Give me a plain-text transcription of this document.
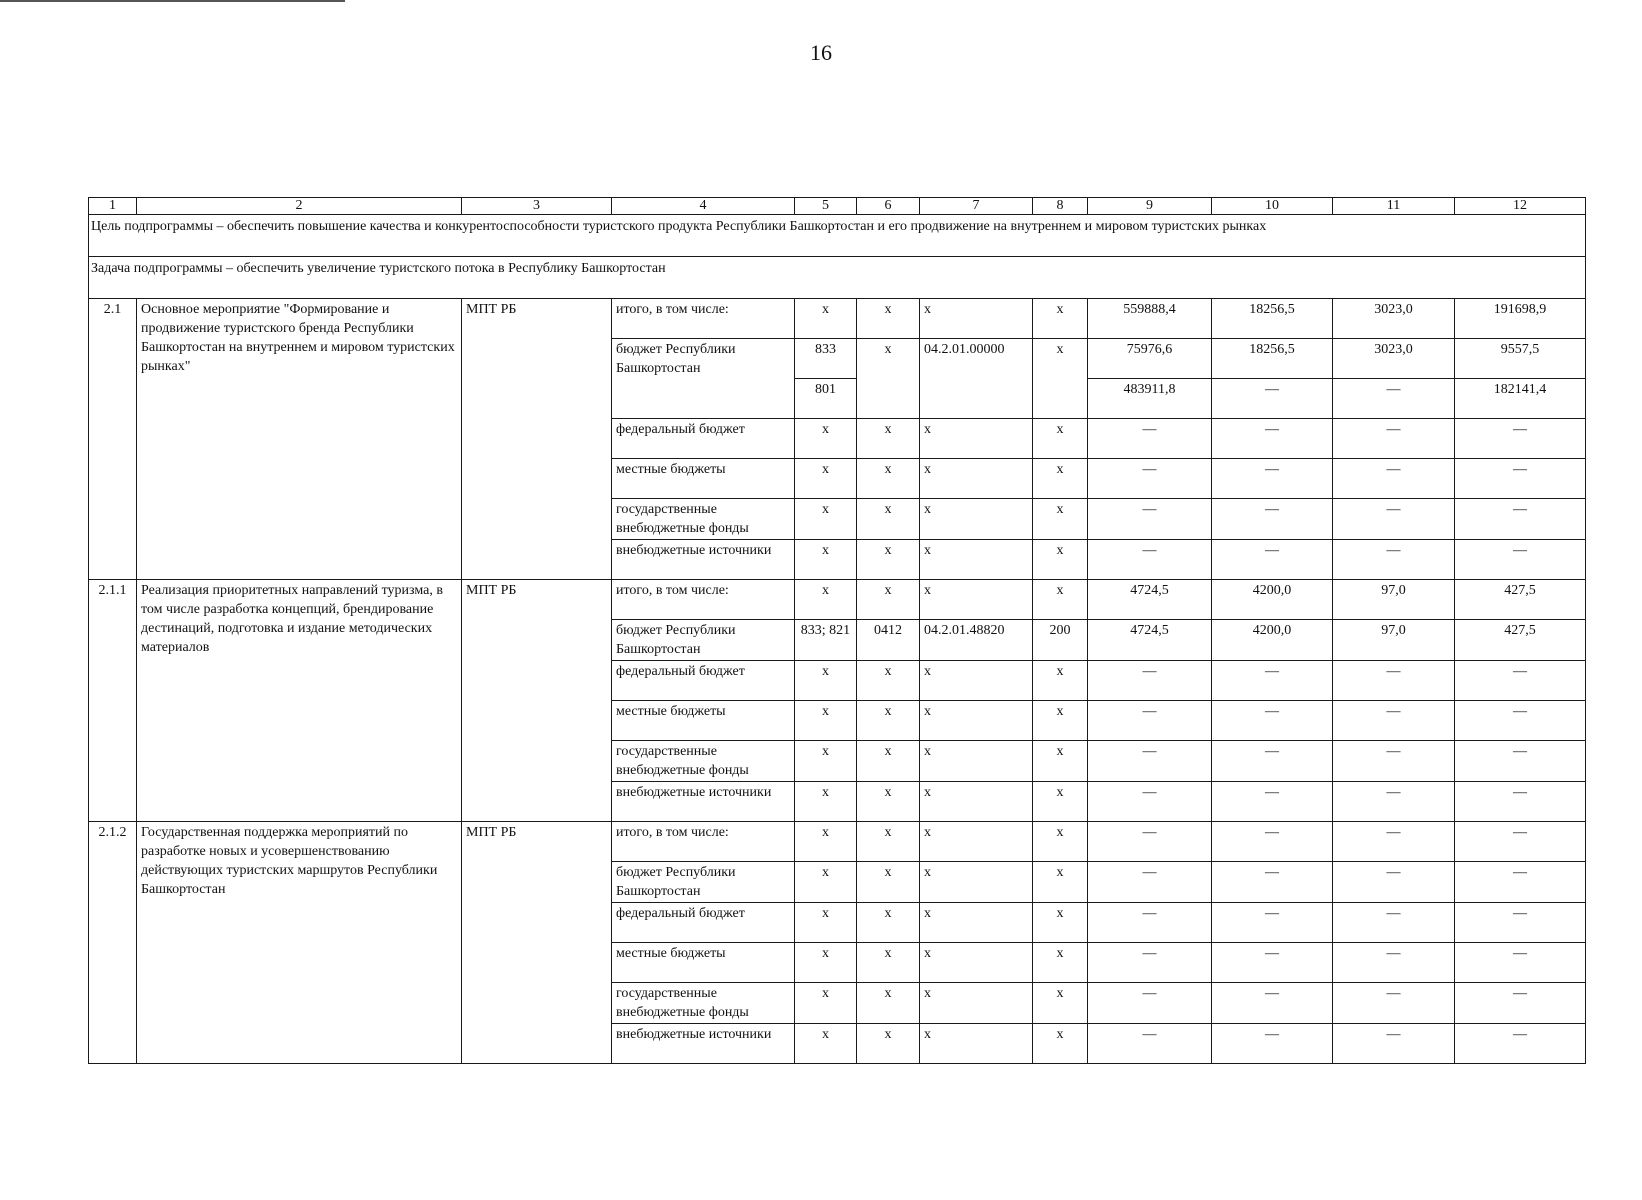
16
1	2	3	4	5	6	7	8	9	10	11	12
Цель подпрограммы – обеспечить повышение качества и конкурентоспособности туристского продукта Республики Башкортостан и его продвижение на внутреннем и мировом туристских рынках											
Задача подпрограммы – обеспечить увеличение туристского потока в Республику Башкортостан											
2.1	Основное мероприятие "Формирование и продвижение туристского бренда Республики Башкортостан на внутреннем и мировом туристских рынках"	МПТ РБ	итого, в том числе:	х	х	х	х	559888,4	18256,5	3023,0	191698,9
			бюджет Республики Башкортостан	833	х	04.2.01.00000	х	75976,6	18256,5	3023,0	9557,5
				801				483911,8	—	—	182141,4
			федеральный бюджет	х	х	х	х	—	—	—	—
			местные бюджеты	х	х	х	х	—	—	—	—
			государственные внебюджетные фонды	х	х	х	х	—	—	—	—
			внебюджетные источники	х	х	х	х	—	—	—	—
2.1.1	Реализация приоритетных направлений туризма, в том числе разработка концепций, брендирование дестинаций, подготовка и издание методических материалов	МПТ РБ	итого, в том числе:	х	х	х	х	4724,5	4200,0	97,0	427,5
			бюджет Республики Башкортостан	833; 821	0412	04.2.01.48820	200	4724,5	4200,0	97,0	427,5
			федеральный бюджет	х	х	х	х	—	—	—	—
			местные бюджеты	х	х	х	х	—	—	—	—
			государственные внебюджетные фонды	х	х	х	х	—	—	—	—
			внебюджетные источники	х	х	х	х	—	—	—	—
2.1.2	Государственная поддержка мероприятий по разработке новых и усовершенствованию действующих туристских маршрутов Республики Башкортостан	МПТ РБ	итого, в том числе:	х	х	х	х	—	—	—	—
			бюджет Республики Башкортостан	х	х	х	х	—	—	—	—
			федеральный бюджет	х	х	х	х	—	—	—	—
			местные бюджеты	х	х	х	х	—	—	—	—
			государственные внебюджетные фонды	х	х	х	х	—	—	—	—
			внебюджетные источники	х	х	х	х	—	—	—	—
